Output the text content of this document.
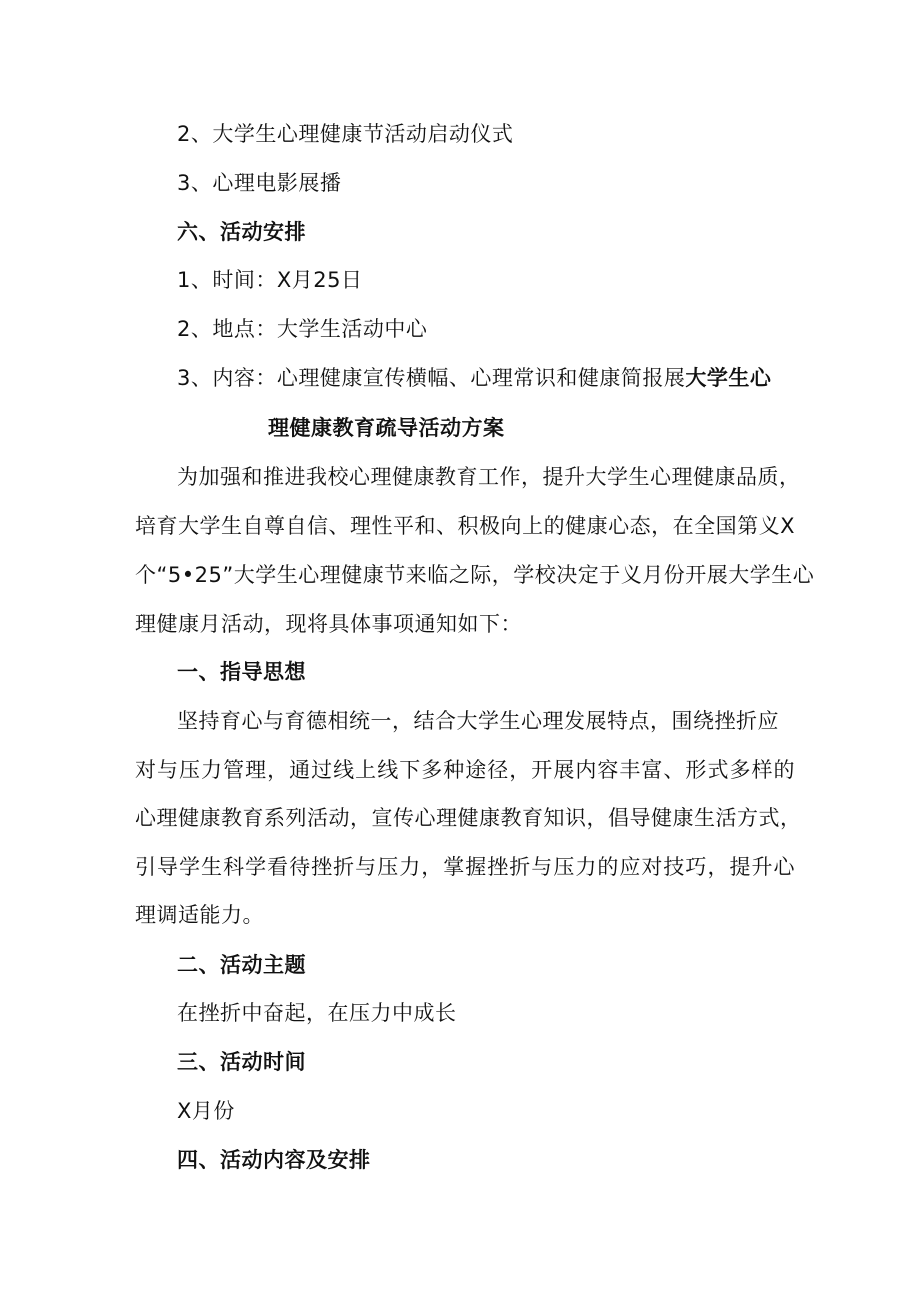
2、大学生心理健康节活动启动仪式
3、心理电影展播
六、活动安排
1、时间：X月25日
2、地点：大学生活动中心
3、内容：心理健康宣传横幅、心理常识和健康简报展大学生心
理健康教育疏导活动方案
为加强和推进我校心理健康教育工作，提升大学生心理健康品质，
培育大学生自尊自信、理性平和、积极向上的健康心态，在全国第义X
个“5•25”大学生心理健康节来临之际，学校决定于义月份开展大学生心
理健康月活动，现将具体事项通知如下：
一、指导思想
坚持育心与育德相统一，结合大学生心理发展特点，围绕挫折应
对与压力管理，通过线上线下多种途径，开展内容丰富、形式多样的
心理健康教育系列活动，宣传心理健康教育知识，倡导健康生活方式，
引导学生科学看待挫折与压力，掌握挫折与压力的应对技巧，提升心
理调适能力。
二、活动主题
在挫折中奋起，在压力中成长
三、活动时间
X月份
四、活动内容及安排
